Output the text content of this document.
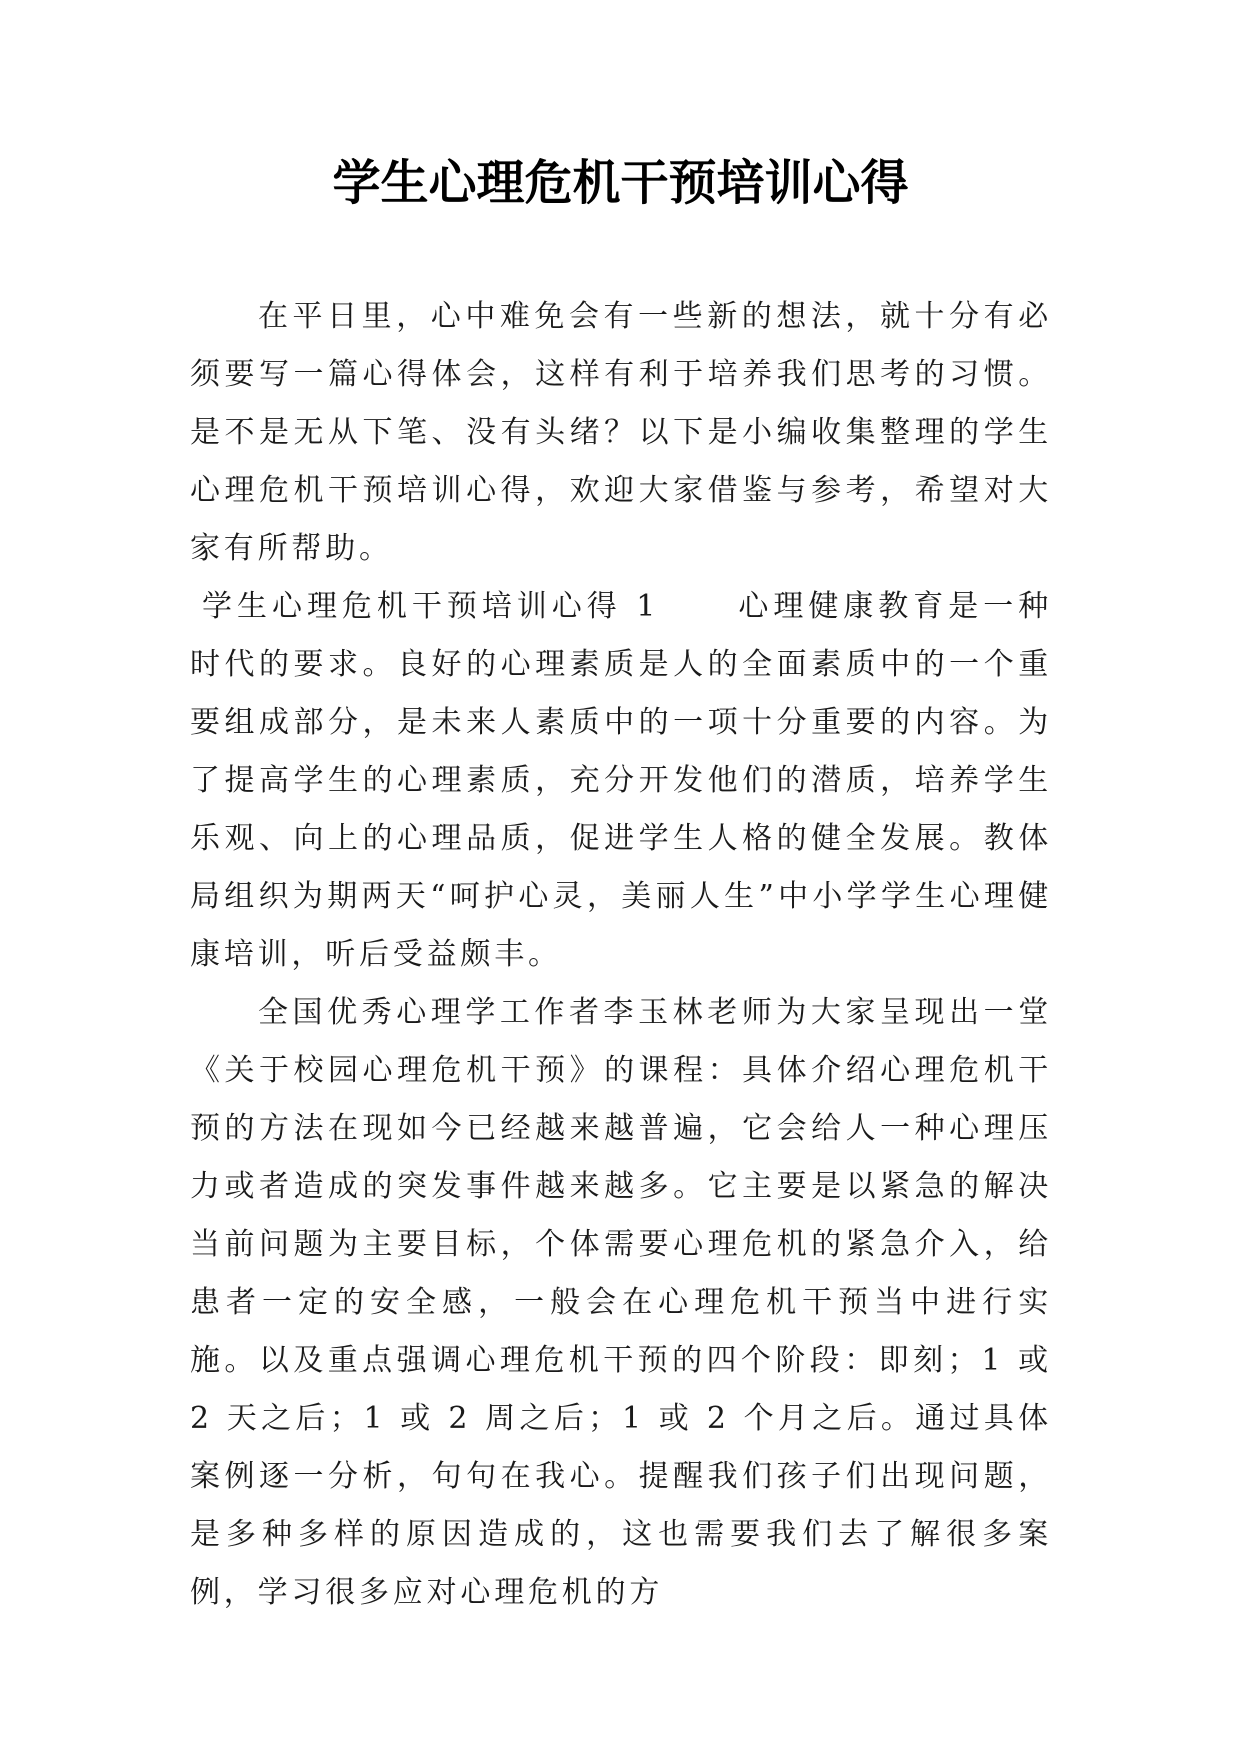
学生心理危机干预培训心得

在平日里，心中难免会有一些新的想法，就十分有必须要写一篇心得体会，这样有利于培养我们思考的习惯。是不是无从下笔、没有头绪？以下是小编收集整理的学生心理危机干预培训心得，欢迎大家借鉴与参考，希望对大家有所帮助。

学生心理危机干预培训心得 1	心理健康教育是一种时代的要求。良好的心理素质是人的全面素质中的一个重要组成部分，是未来人素质中的一项十分重要的内容。为了提高学生的心理素质，充分开发他们的潜质，培养学生乐观、向上的心理品质，促进学生人格的健全发展。教体局组织为期两天“呵护心灵，美丽人生”中小学学生心理健康培训，听后受益颇丰。

全国优秀心理学工作者李玉林老师为大家呈现出一堂《关于校园心理危机干预》的课程：具体介绍心理危机干预的方法在现如今已经越来越普遍，它会给人一种心理压力或者造成的突发事件越来越多。它主要是以紧急的解决当前问题为主要目标，个体需要心理危机的紧急介入，给患者一定的安全感，一般会在心理危机干预当中进行实施。以及重点强调心理危机干预的四个阶段：即刻；1 或 2 天之后；1 或 2 周之后；1 或 2 个月之后。通过具体案例逐一分析，句句在我心。提醒我们孩子们出现问题，是多种多样的原因造成的，这也需要我们去了解很多案例，学习很多应对心理危机的方
